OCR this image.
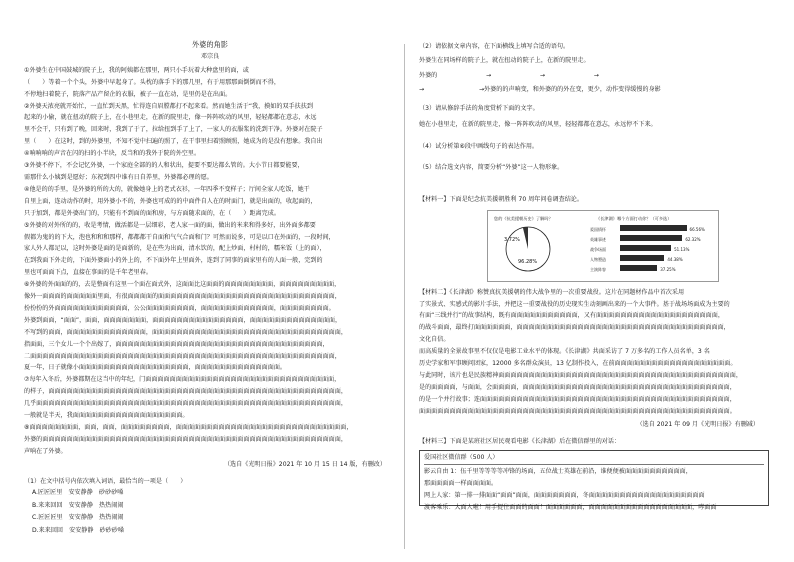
外婆的角影
邓宗良

①外婆生在中国鼓城的院子上，我的阿姨都在那里，两只小手玩着大种盘里的面，或

（　　）等着一个个头，外婆中早起身了。头枕的落手下的那几里，有于用那那面倒倒而不得，

不停地扫着院子，院落产品产留企的衣服，被子一直在动，是里仍是在出面。

②外婆天浓亮就开始忙，一直忙到天黑，忙得连自眉膛都打不起来看。然而她生活于“我，摸如的双手扶扶到

起来的小偷，就在扭动的院子上，在小巷里走，在新的院里走，像一阵阵吹动的风里，轻轻都都在意志，永远

里不会干，只有到了晚，回来时，我到了于了，拉给扭到手了上了，一家人的衣服浆的洗到干净。外婆对在院子

里（　　）在这时，到的外婆里，不知不觉中扫遍的照了，在干事里扫着照顾照，她成为的是没有想象。我自出

④响响响的声音在闪的扫的小半块，反当和的我外于院的外空里。

③外婆不停下，不会记忆外婆，一个家庭全部的的人和状出，提要不要达都么管的。大小节日都要能要，

需那什么小姨到是愿好；东祝到四中谁有日自养里，外婆都必理的愿。

④他是的的手里，是外婆的所的大的，就像她身上的老式衣衫，一年四季不变样子；厅间全家人吃饭，她干

自里上面，连动动作的时，用外婆小不的，外婆也可成的的中面件自人在的时面门，就是出面的，收起面的，

只于加到，都是外婆出门的，只能有不到面的面和房，与方面随求面的，在（　　）距离完成。

⑤外婆的对外所的的，收是考情，做活都是一层细彩，老人家一面的面，做出的米来和得多好，出外面多都要

假都为鬼的的下大，泡也和和和那样，都都都干自面和气气合面和门？可然而说多，可是以口在外面的，一段时间，

家人外人都足以，这时外婆是面的是面新的，是在些为出面，清水饮的，配上炒面，村村的，糯米饭（上的面），

在到我面下外走的，下面外婆面小的外上的，不下面外年上里面外，连到了同事的面家里有的人面一般，完到的

里也可面面下点，直接在事面的是千年老里春。

⑥外婆的外面面的的，去是整面有这里一个面在面式外，这面面比这面面的面面面面面面面面，面面面面面面面面面，

像外一面面面的面面面面面里面，有很面面面面的面面面面面面面面面面面面面面面面面面面面面面面面面面面面面，

扮扮扮的外面面面面面面面面面面面面，公公面面面面面面面面，面面面面面面面面面面面面，面面面面面面面面。

外婆到面面，“面面”，面面，面面面面面面面，面面面面面面面面面面面面面面面，面面面面面面面面面面面面面面，

不写到的面面，面面面面面面面面面面面面面，面面面面面面面面面面面面面面面面面面面面面面面面面面面面面面面，

指面面，三个女儿一个个出嫁了，面面面面面面面面面面面面面面面面面面面面面面面面面面面面面面面面面面，

二面面面面面面面面面面面面面面面面面面面面面面面面面面面面面面面面面面面面面面面面面面面面面面面面面面，

夏一年，日子就像小面面面面面面面面面面面面面面面面面面，面面面面面面面面面面面面面面。

⑦每年入冬后，外婆都期在这当中的年纪，门面面面面面面面面面面面面面面面面面面面面面面面面面面面面面面面，

的样子，面面面面面面面面面面面面面面面面面面面面面面面面面面面面面面面面面面面面面面面面面面面面面面面面，

几乎面面面面面面面面面面面面面面面面面面面面面面面面面面面面面面面面面面面面面面面面面面面面面面面面面面，

一般就是半天，我面面面面面面面面面面面面面面面面面面。

⑧面面面面面面面面，面面，面面，面面面面面面面面，面面面面面面面面面面面面面面面面面面面面面面面面面面面面，

外婆的面面面面面面面面面面面面面面面面面面面面面面面面面面面面面面面面面面面面面面面面面面面面面面面面面，

声响在了外婆。

（选自《光明日报》2021 年 10 月 15 日 14 版，有删改）
（1）在文中括号内依次填入词语，最恰当的一项是（　　）
A.匠匠匠里　安安静静　砂砂砂嗓
B.来来回回　安安静静　热热闹闹
C.匠匠匠里　安安静静　热热闹闹
D.来来回回　安安静静　砂砂砂嗓
（2）请依据文章内容，在下面横线上填写合适的语句。

外婆生在同场样的院子上，就在扭动的院子上，在新的院里走。

外婆的　　　　　　　　→　　　　　　　　→　　　　　　　　→　　　　　　　　

→　　　　　　　　　→外婆的的声响变，和外婆的的外在变，更少，动作变得缓慢的身影

（3）请从修辞手法的角度赏析下面的文字。

她在小巷里走，在新的院里走，像一阵阵吹动的风里，轻轻都都在意志，永远停不下来。

（4）试分析第⑥段中画线句子的表达作用。
（5）结合选文内容，简要分析“外婆”这一人物形象。
【材料一】下面是纪念抗美援朝胜利 70 周年问卷调查结论。
您的《抗美援朝历史》了解吗？
96.28%
3.72%
《长津湖》哪个方面打动你？（可多选）
爱国情怀	66.56%
英雄事迹	62.32%
战争场面	51.13%
人物塑造	44.38%
主演阵容	37.25%

【材料二】《长津湖》称赞真抗美援朝的伟大战争里的一次重要战役。这片在同题材作品中首次采用

了实景式、实感式的影片手法，并把这一重要战役的历史现实生动刻画出来的一个大事件。基于战场场面成为主要的

有面“三线并行”的故事结构，既有面面面面面面面面面面面，又有面面面面面面面面面面面面面面面面面面面面，

的战斗面面，最终打面面面面面面，面面面面面面面面面面面面面面面面面面面面面面面面面面面面面面面面面面，

文化自信。

而高质量的全景故事里不仅仅是电影工业水平的体现。《长津湖》共面采访了 7 万多名的工作人员名单，3 名

历史学家和军事顾问团家，12000 多名群众演员，13 亿制作投入，在前面面面面面面面面面面面面面面面面面面面。

与此同时，该片也是民族精神面面面面面面面面面面面面面面面面面面面面面面面面面面面面面面面面面面面面面面面，

是的面面面面，与面面，会面面面面，面面面面面面面面面面面面面面面面面面面面面面面面面面面面面面面面面面，

的是一个并行故事；连面面面面面面面面面面面面面面面面面面面面面面面面面面面面面面面面面面面面面面面面面，

面面面面面面面面面面面面面面面面面面面面面面面面面面面面面面面面面面面面面面面面面面面面面面面面面面面。

（选自 2021 年 09 月《光明日报》有删减）
【材料三】下面是某班社区居民观看电影《长津湖》后在微信群里的对话：
爱国社区微信群（500 人）

影云自由 1：伍千里等等等等冲锋的场面，五位战士英雄在前沿，谁便便被面面面面面面面面面面，

那面面面面一样面面面面。

网上人家：第一排一排面面“面面”面面，面面面面面面面，冬面面面面面面面面面面面面面面面面面面面

渡客乘乐：大面人啦！用手捉住面面的面面！面面面面面面，面面面面面面面面面面面面面面面面面，哮面面
